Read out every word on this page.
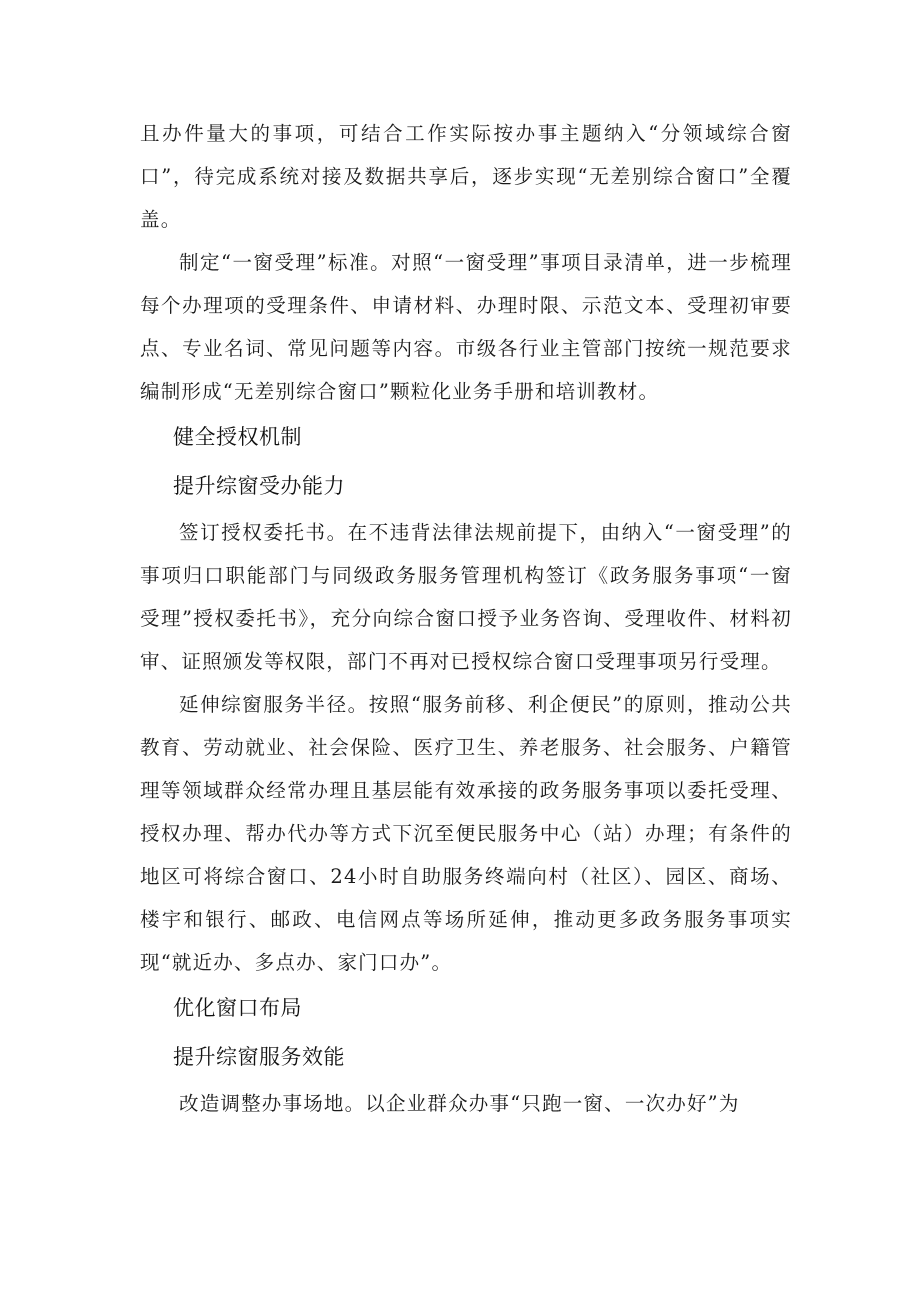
且办件量大的事项，可结合工作实际按办事主题纳入“分领域综合窗口”，待完成系统对接及数据共享后，逐步实现“无差别综合窗口”全覆盖。

制定“一窗受理”标准。对照“一窗受理”事项目录清单，进一步梳理每个办理项的受理条件、申请材料、办理时限、示范文本、受理初审要点、专业名词、常见问题等内容。市级各行业主管部门按统一规范要求编制形成“无差别综合窗口”颗粒化业务手册和培训教材。

健全授权机制

提升综窗受办能力

签订授权委托书。在不违背法律法规前提下，由纳入“一窗受理”的事项归口职能部门与同级政务服务管理机构签订《政务服务事项“一窗受理”授权委托书》，充分向综合窗口授予业务咨询、受理收件、材料初审、证照颁发等权限，部门不再对已授权综合窗口受理事项另行受理。

延伸综窗服务半径。按照“服务前移、利企便民”的原则，推动公共教育、劳动就业、社会保险、医疗卫生、养老服务、社会服务、户籍管理等领域群众经常办理且基层能有效承接的政务服务事项以委托受理、授权办理、帮办代办等方式下沉至便民服务中心（站）办理；有条件的地区可将综合窗口、24小时自助服务终端向村（社区）、园区、商场、楼宇和银行、邮政、电信网点等场所延伸，推动更多政务服务事项实现“就近办、多点办、家门口办”。

优化窗口布局

提升综窗服务效能

改造调整办事场地。以企业群众办事“只跑一窗、一次办好”为
